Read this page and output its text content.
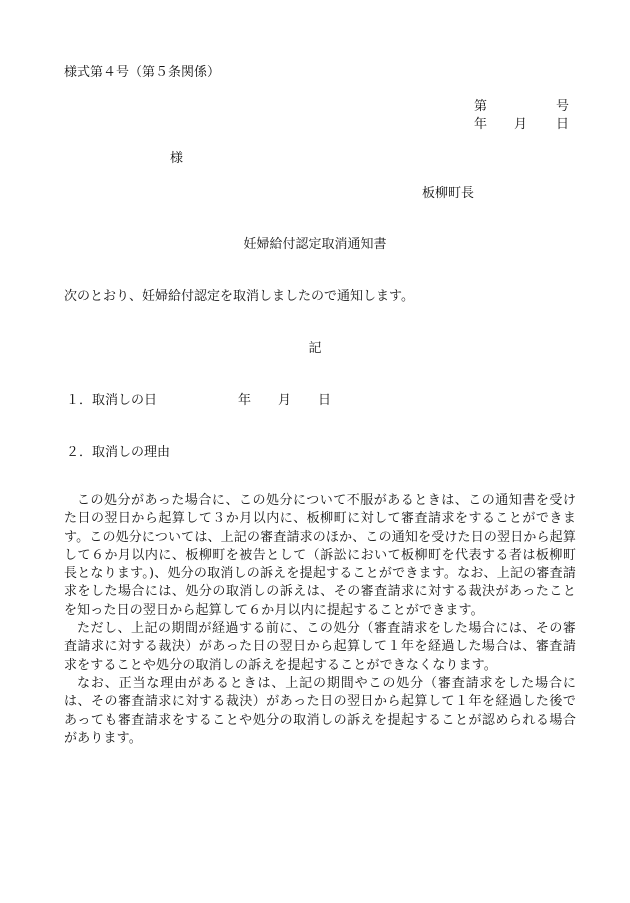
様式第４号（第５条関係）
第	号
年 月 日
様
板柳町長
妊婦給付認定取消通知書
次のとおり、妊婦給付認定を取消しましたので通知します。
記
１．取消しの日	年 月 日
２．取消しの理由

この処分があった場合に、この処分について不服があるときは、この通知書を受けた日の翌日から起算して３か月以内に、板柳町に対して審査請求をすることができます。この処分については、上記の審査請求のほか、この通知を受けた日の翌日から起算して６か月以内に、板柳町を被告として（訴訟において板柳町を代表する者は板柳町長となります。)、処分の取消しの訴えを提起することができます。なお、上記の審査請求をした場合には、処分の取消しの訴えは、その審査請求に対する裁決があったことを知った日の翌日から起算して６か月以内に提起することができます。

ただし、上記の期間が経過する前に、この処分（審査請求をした場合には、その審査請求に対する裁決）があった日の翌日から起算して１年を経過した場合は、審査請求をすることや処分の取消しの訴えを提起することができなくなります。

なお、正当な理由があるときは、上記の期間やこの処分（審査請求をした場合には、その審査請求に対する裁決）があった日の翌日から起算して１年を経過した後であっても審査請求をすることや処分の取消しの訴えを提起することが認められる場合があります。
